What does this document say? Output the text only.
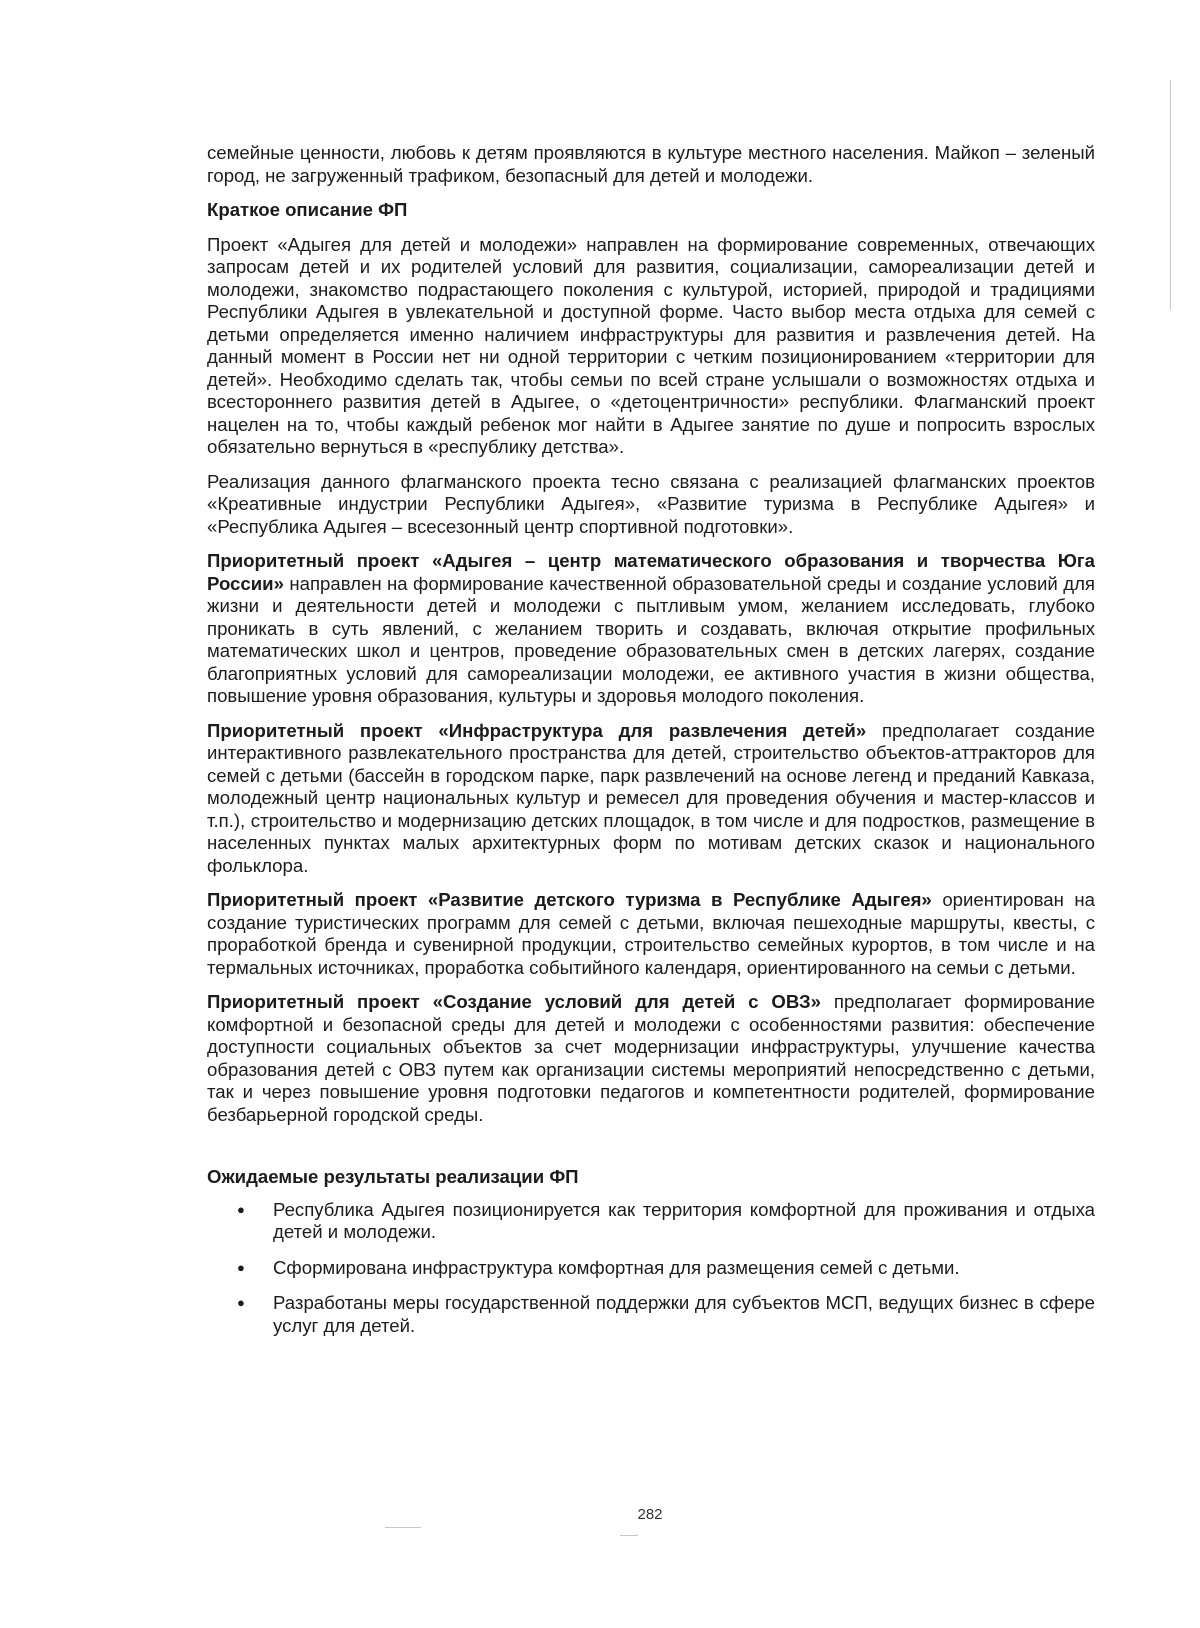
семейные ценности, любовь к детям проявляются в культуре местного населения. Майкоп – зеленый город, не загруженный трафиком, безопасный для детей и молодежи.

Краткое описание ФП

Проект «Адыгея для детей и молодежи» направлен на формирование современных, отвечающих запросам детей и их родителей условий для развития, социализации, самореализации детей и молодежи, знакомство подрастающего поколения с культурой, историей, природой и традициями Республики Адыгея в увлекательной и доступной форме. Часто выбор места отдыха для семей с детьми определяется именно наличием инфраструктуры для развития и развлечения детей. На данный момент в России нет ни одной территории с четким позиционированием «территории для детей». Необходимо сделать так, чтобы семьи по всей стране услышали о возможностях отдыха и всестороннего развития детей в Адыгее, о «детоцентричности» республики. Флагманский проект нацелен на то, чтобы каждый ребенок мог найти в Адыгее занятие по душе и попросить взрослых обязательно вернуться в «республику детства».

Реализация данного флагманского проекта тесно связана с реализацией флагманских проектов «Креативные индустрии Республики Адыгея», «Развитие туризма в Республике Адыгея» и «Республика Адыгея – всесезонный центр спортивной подготовки».

Приоритетный проект «Адыгея – центр математического образования и творчества Юга России» направлен на формирование качественной образовательной среды и создание условий для жизни и деятельности детей и молодежи с пытливым умом, желанием исследовать, глубоко проникать в суть явлений, с желанием творить и создавать, включая открытие профильных математических школ и центров, проведение образовательных смен в детских лагерях, создание благоприятных условий для самореализации молодежи, ее активного участия в жизни общества, повышение уровня образования, культуры и здоровья молодого поколения.

Приоритетный проект «Инфраструктура для развлечения детей» предполагает создание интерактивного развлекательного пространства для детей, строительство объектов-аттракторов для семей с детьми (бассейн в городском парке, парк развлечений на основе легенд и преданий Кавказа, молодежный центр национальных культур и ремесел для проведения обучения и мастер-классов и т.п.), строительство и модернизацию детских площадок, в том числе и для подростков, размещение в населенных пунктах малых архитектурных форм по мотивам детских сказок и национального фольклора.

Приоритетный проект «Развитие детского туризма в Республике Адыгея» ориентирован на создание туристических программ для семей с детьми, включая пешеходные маршруты, квесты, с проработкой бренда и сувенирной продукции, строительство семейных курортов, в том числе и на термальных источниках, проработка событийного календаря, ориентированного на семьи с детьми.

Приоритетный проект «Создание условий для детей с ОВЗ» предполагает формирование комфортной и безопасной среды для детей и молодежи с особенностями развития: обеспечение доступности социальных объектов за счет модернизации инфраструктуры, улучшение качества образования детей с ОВЗ путем как организации системы мероприятий непосредственно с детьми, так и через повышение уровня подготовки педагогов и компетентности родителей, формирование безбарьерной городской среды.

Ожидаемые результаты реализации ФП

● Республика Адыгея позиционируется как территория комфортной для проживания и отдыха детей и молодежи.
● Сформирована инфраструктура комфортная для размещения семей с детьми.
● Разработаны меры государственной поддержки для субъектов МСП, ведущих бизнес в сфере услуг для детей.
282
